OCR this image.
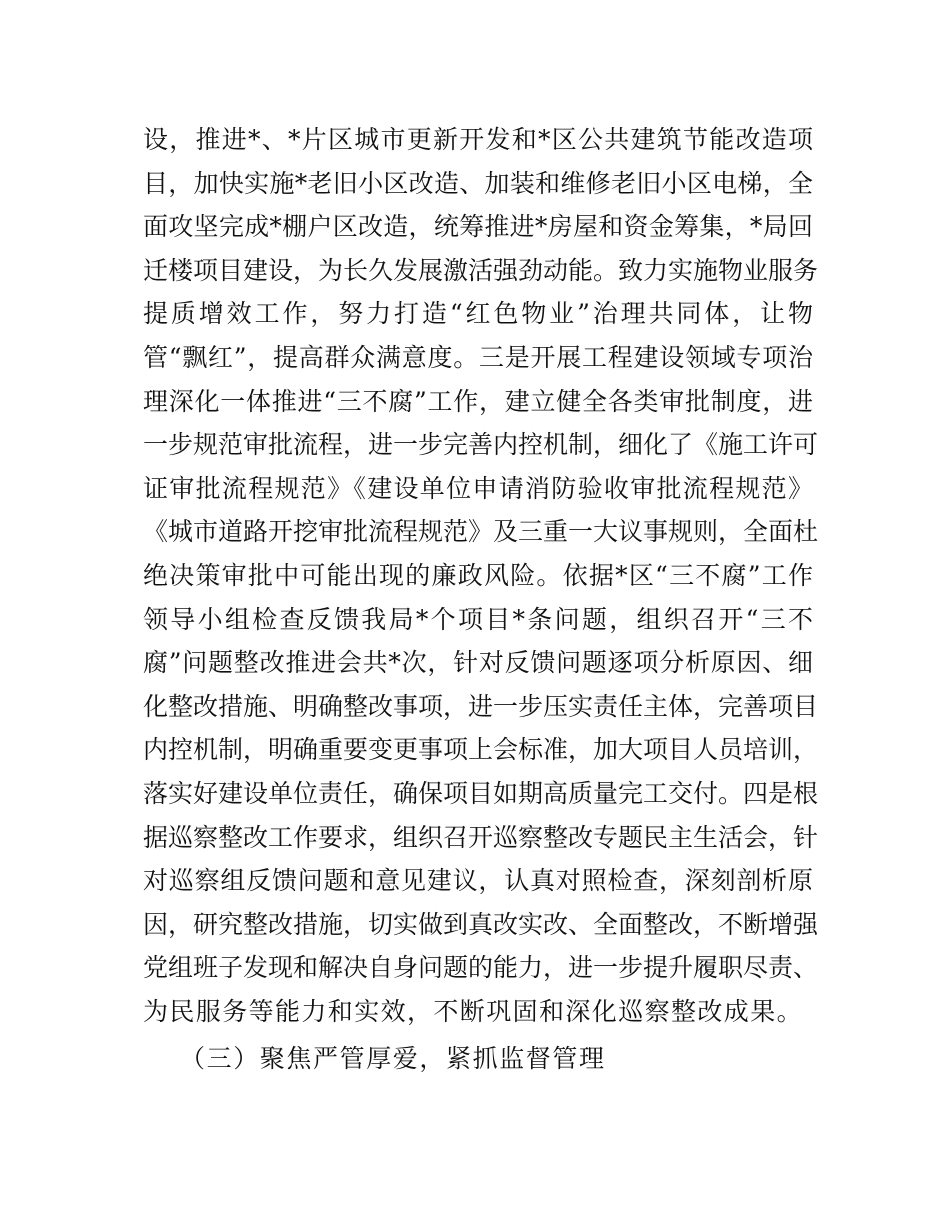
设，推进*、*片区城市更新开发和*区公共建筑节能改造项
目，加快实施*老旧小区改造、加装和维修老旧小区电梯，全
面攻坚完成*棚户区改造，统筹推进*房屋和资金筹集，*局回
迁楼项目建设，为长久发展激活强劲动能。致力实施物业服务
提质增效工作，努力打造“红色物业”治理共同体，让物
管“飘红”，提高群众满意度。三是开展工程建设领域专项治
理深化一体推进“三不腐”工作，建立健全各类审批制度，进
一步规范审批流程，进一步完善内控机制，细化了《施工许可
证审批流程规范》《建设单位申请消防验收审批流程规范》
《城市道路开挖审批流程规范》及三重一大议事规则，全面杜
绝决策审批中可能出现的廉政风险。依据*区“三不腐”工作
领导小组检查反馈我局*个项目*条问题，组织召开“三不
腐”问题整改推进会共*次，针对反馈问题逐项分析原因、细
化整改措施、明确整改事项，进一步压实责任主体，完善项目
内控机制，明确重要变更事项上会标准，加大项目人员培训，
落实好建设单位责任，确保项目如期高质量完工交付。四是根
据巡察整改工作要求，组织召开巡察整改专题民主生活会，针
对巡察组反馈问题和意见建议，认真对照检查，深刻剖析原
因，研究整改措施，切实做到真改实改、全面整改，不断增强
党组班子发现和解决自身问题的能力，进一步提升履职尽责、
为民服务等能力和实效，不断巩固和深化巡察整改成果。
（三）聚焦严管厚爱，紧抓监督管理
